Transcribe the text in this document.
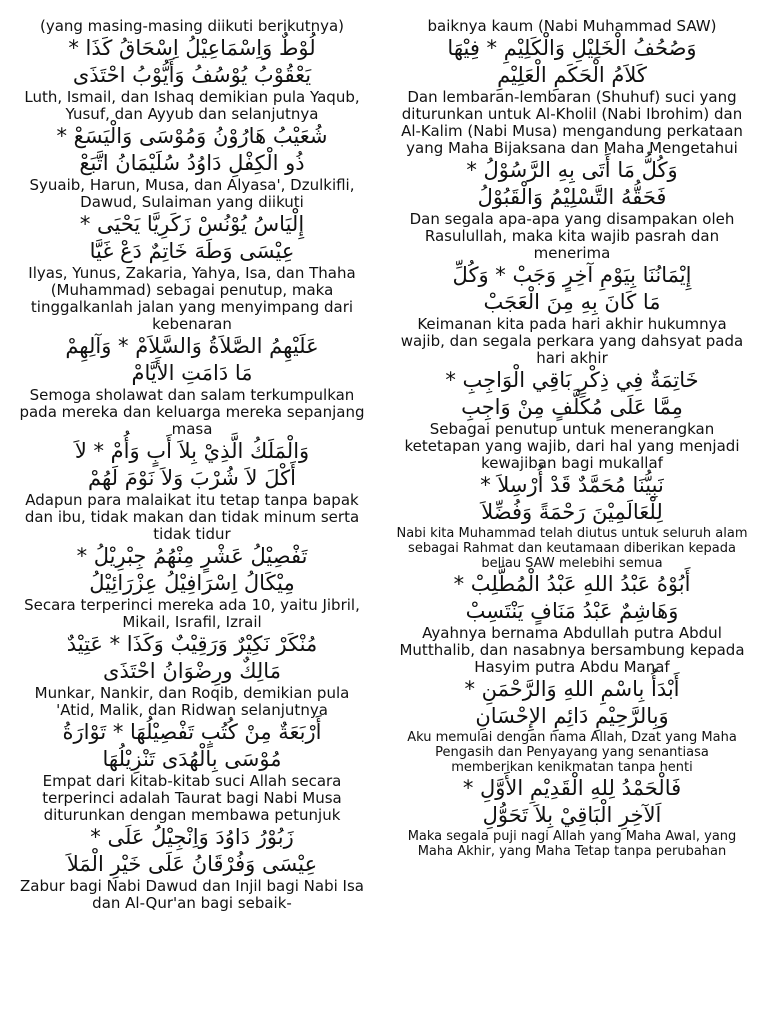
(yang masing-masing diikuti berikutnya)

لُوْطٌ وَاِسْمَاعِيْلُ اِسْحَاقُ كَذَا *

يَعْقُوْبُ يُوْسُفُ وَأَيُّوْبُ احْتَذَى

Luth, Ismail, dan Ishaq demikian pula Yaqub, Yusuf, dan Ayyub dan selanjutnya

شُعَيْبُ هَارُوْنُ وَمُوْسَى وَالْيَسَعْ *

ذُو الْكِفْلِ دَاوُدُ سُلَيْمَانُ اتَّبَعْ

Syuaib, Harun, Musa, dan Alyasa', Dzulkifli, Dawud, Sulaiman yang diikuti

إِلْيَاسُ يُوْنُسْ زَكَرِيَّا يَحْيَى *

عِيْسَى وَطَهَ خَاتِمٌ دَعْ غَيَّا

Ilyas, Yunus, Zakaria, Yahya, Isa, dan Thaha (Muhammad) sebagai penutup, maka tinggalkanlah jalan yang menyimpang dari kebenaran

عَلَيْهِمُ الصَّلاَةُ وَالسَّلاَمْ * وَآلِهِمْ

مَا دَامَتِ الأَيَّامْ

Semoga sholawat dan salam terkumpulkan pada mereka dan keluarga mereka sepanjang masa

وَالْمَلَكُ الَّذِيْ بِلاَ أَبٍ وَأُمْ * لاَ

أَكْلَ لاَ شُرْبَ وَلاَ نَوْمَ لَهُمْ

Adapun para malaikat itu tetap tanpa bapak dan ibu, tidak makan dan tidak minum serta tidak tidur

تَفْصِيْلُ عَشْرٍ مِنْهُمُ جِبْرِيْلُ *

مِيْكَالُ اِسْرَافِيْلُ عِزْرَائِيْلُ

Secara terperinci mereka ada 10, yaitu Jibril, Mikail, Israfil, Izrail

مُنْكَرْ نَكِيْرٌ وَرَقِيْبٌ وَكَذَا * عَتِيْدٌ

مَالِكٌ ورِضْوَانُ احْتَذَى

Munkar, Nankir, dan Roqib, demikian pula 'Atid, Malik, dan Ridwan selanjutnya

أَرْبَعَةٌ مِنْ كُتُبٍ تَفْصِيْلُهَا * تَوْارَةُ

مُوْسَى بِالْهُدَى تَنْزِيْلُهَا

Empat dari kitab-kitab suci Allah secara terperinci adalah Taurat bagi Nabi Musa diturunkan dengan membawa petunjuk

زَبُوْرُ دَاوُدَ وَاِنْجِيْلُ عَلَى *

عِيْسَى وَفُرْقَانُ عَلَى خَيْرِ الْمَلاَ

Zabur bagi Nabi Dawud dan Injil bagi Nabi Isa dan Al-Qur'an bagi sebaik-

baiknya kaum (Nabi Muhammad SAW)

وَصُحُفُ الْخَلِيْلِ وَالْكَلِيْمِ * فِيْهَا

كَلاَمُ الْحَكَمِ الْعَلِيْمِ

Dan lembaran-lembaran (Shuhuf) suci yang diturunkan untuk Al-Kholil (Nabi Ibrohim) dan Al-Kalim (Nabi Musa) mengandung perkataan yang Maha Bijaksana dan Maha Mengetahui

وَكُلُّ مَا أَتَى بِهِ الرَّسُوْلُ *

فَحَقُّهُ التَّسْلِيْمُ وَالْقَبُوْلُ

Dan segala apa-apa yang disampakan oleh Rasulullah, maka kita wajib pasrah dan menerima

إِيْمَانُنَا بِيَوْمِ آخِرٍ وَجَبْ * وَكُلِّ

مَا كَانَ بِهِ مِنَ الْعَجَبْ

Keimanan kita pada hari akhir hukumnya wajib, dan segala perkara yang dahsyat pada hari akhir

خَاتِمَةٌ فِي ذِكْرِ بَاقِي الْوَاجِبِ *

مِمَّا عَلَى مُكَلَّفٍ مِنْ وَاجِبِ

Sebagai penutup untuk menerangkan ketetapan yang wajib, dari hal yang menjadi kewajiban bagi mukallaf

نَبِيُّنَا مُحَمَّدٌ قَدْ أُرْسِلاَ *

لِلْعَالَمِيْنَ رَحْمَةً وَفُضِّلاَ

Nabi kita Muhammad telah diutus untuk seluruh alam sebagai Rahmat dan keutamaan diberikan kepada beliau SAW melebihi semua

أَبُوْهُ عَبْدُ اللهِ عَبْدُ الْمُطَّلِبْ *

وَهَاشِمٌ عَبْدُ مَنَافٍ يَنْتَسِبْ

Ayahnya bernama Abdullah putra Abdul Mutthalib, dan nasabnya bersambung kepada Hasyim putra Abdu Manaf

أَبْدَأُ بِاسْمِ اللهِ وَالرَّحْمَنِ *

وَبِالرَّحِيْمِ دَائِمِ الإِحْسَانِ

Aku memulai dengan nama Allah, Dzat yang Maha Pengasih dan Penyayang yang senantiasa memberikan kenikmatan tanpa henti

فَالْحَمْدُ لِلهِ الْقَدِيْمِ الأَوَّلِ *

اَلآخِرِ الْبَاقِيْ بِلاَ تَحَوُّلِ

Maka segala puji nagi Allah yang Maha Awal, yang Maha Akhir, yang Maha Tetap tanpa perubahan
